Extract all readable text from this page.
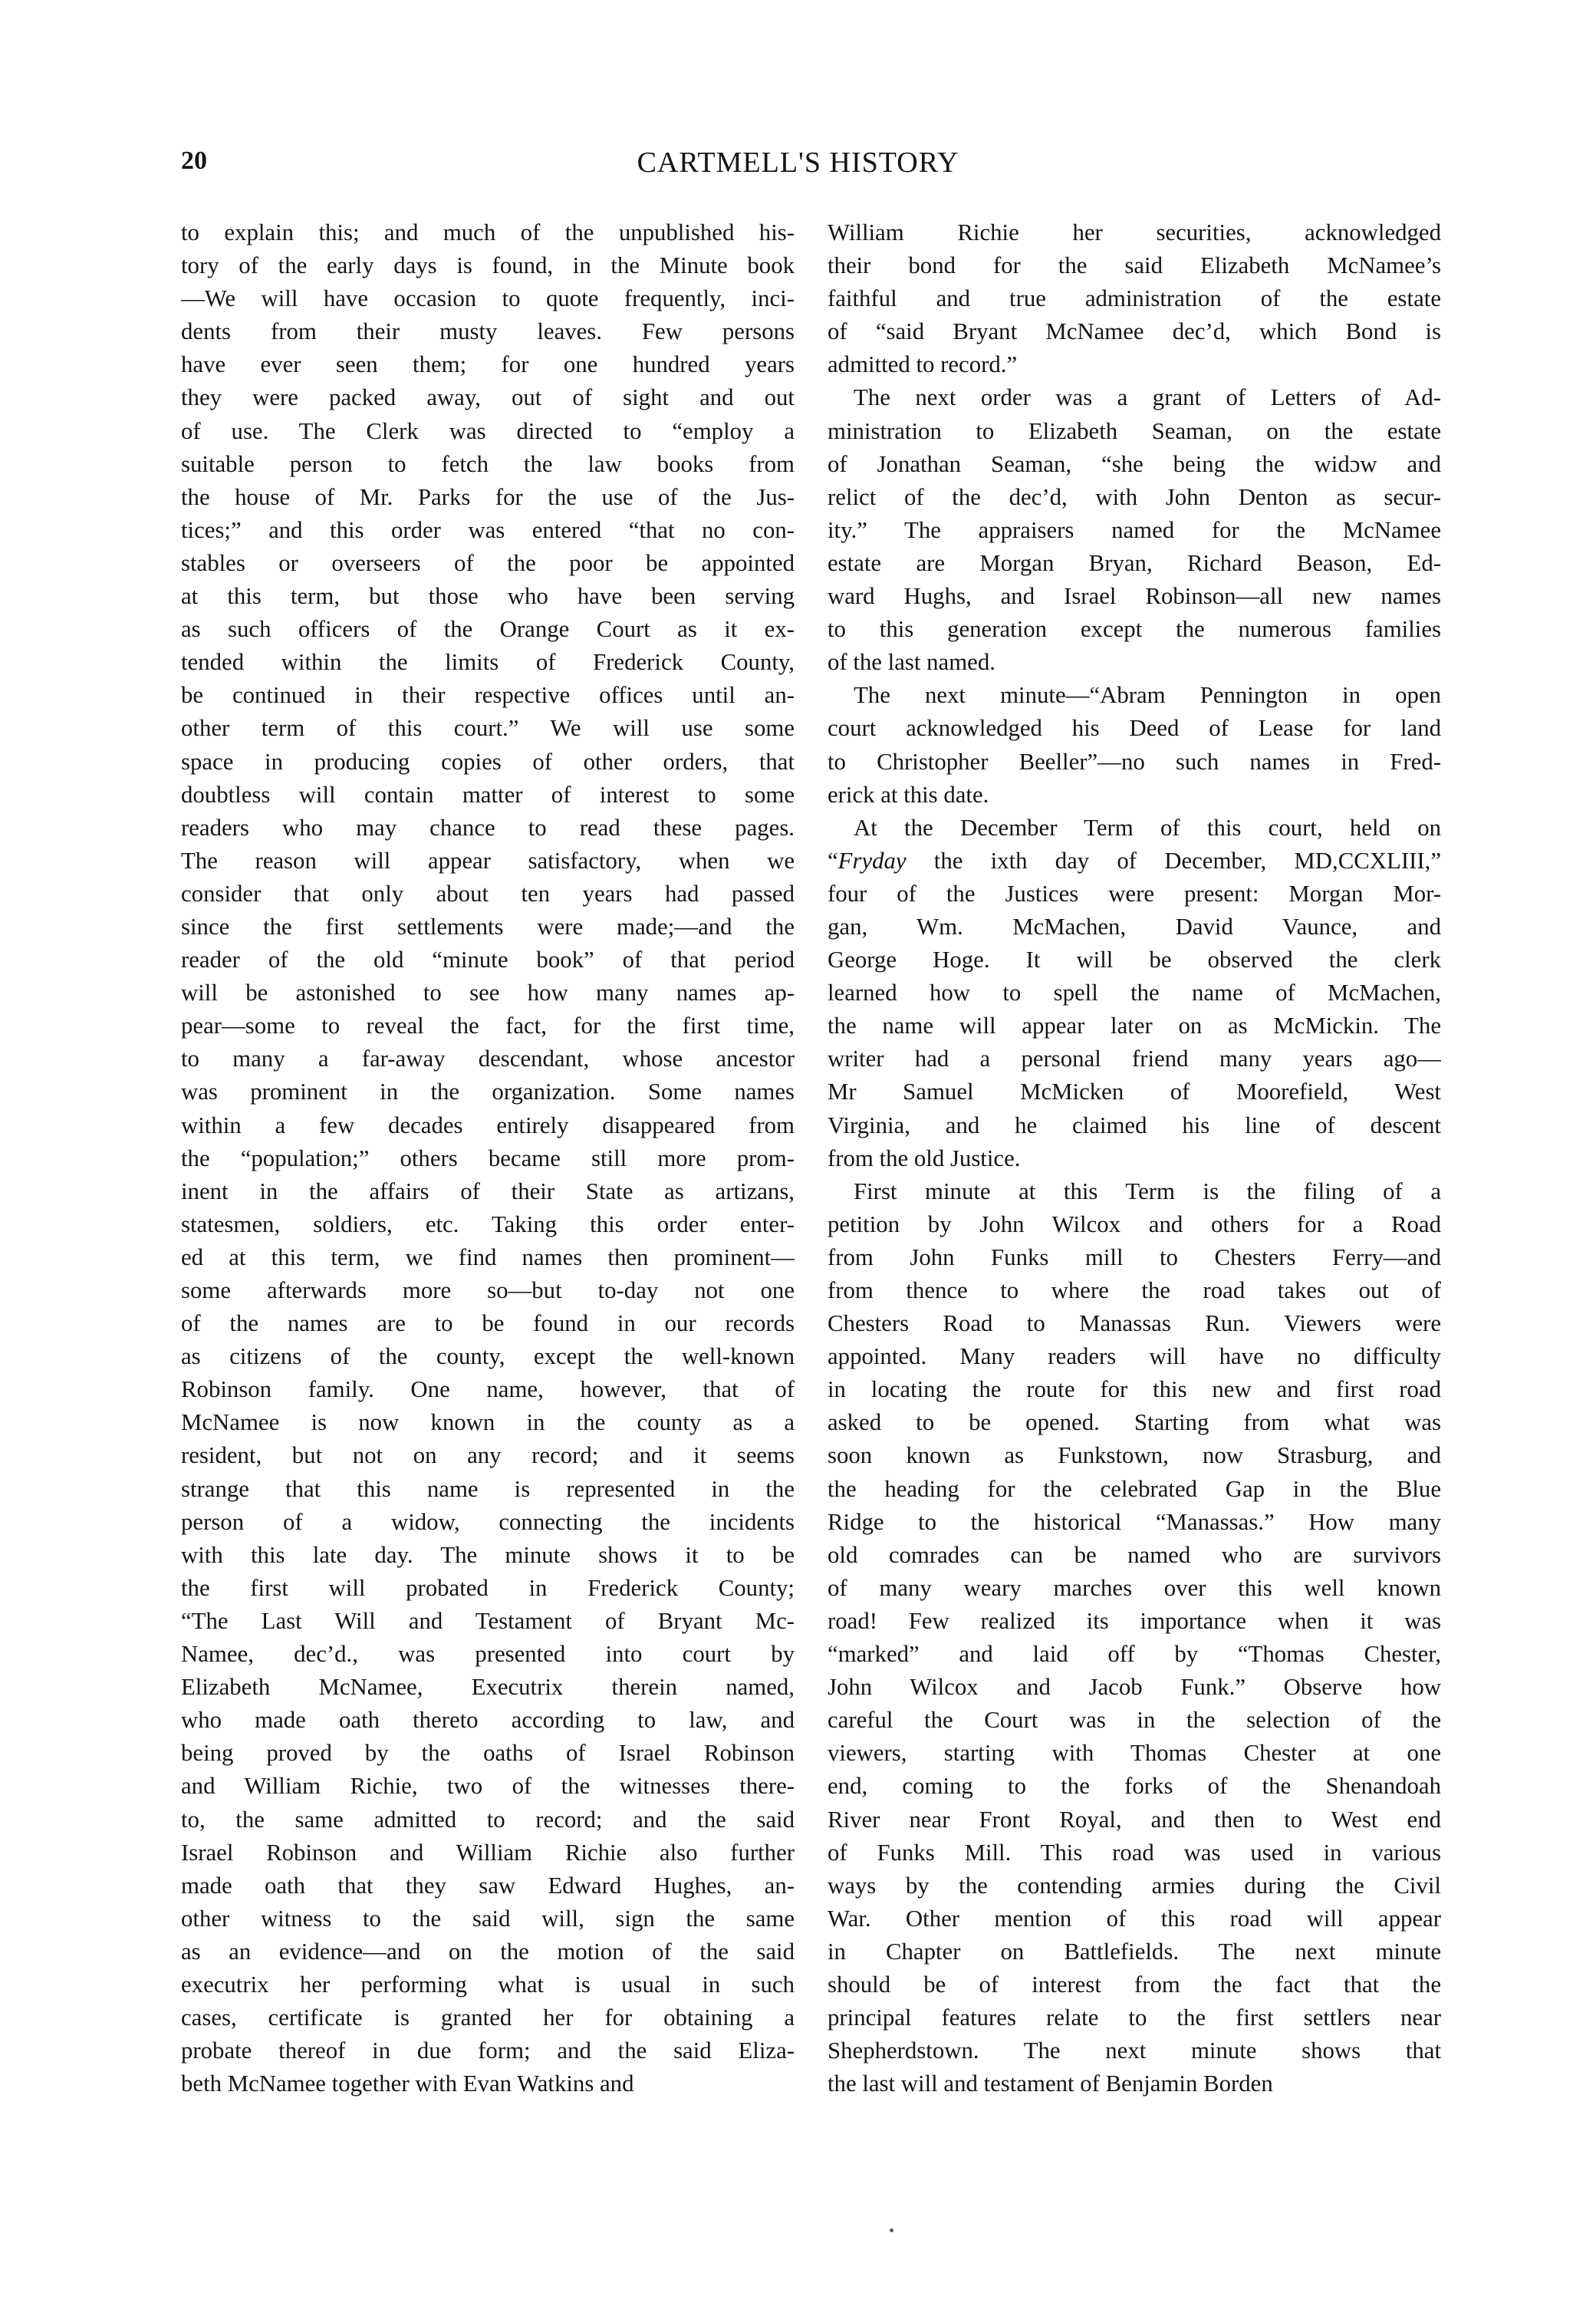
20	CARTMELL'S HISTORY
to explain this; and much of the unpublished his-
tory of the early days is found, in the Minute book
—We will have occasion to quote frequently, inci-
dents from their musty leaves. Few persons
have ever seen them; for one hundred years
they were packed away, out of sight and out
of use. The Clerk was directed to “employ a
suitable person to fetch the law books from
the house of Mr. Parks for the use of the Jus-
tices;” and this order was entered “that no con-
stables or overseers of the poor be appointed
at this term, but those who have been serving
as such officers of the Orange Court as it ex-
tended within the limits of Frederick County,
be continued in their respective offices until an-
other term of this court.” We will use some
space in producing copies of other orders, that
doubtless will contain matter of interest to some
readers who may chance to read these pages.
The reason will appear satisfactory, when we
consider that only about ten years had passed
since the first settlements were made;—and the
reader of the old “minute book” of that period
will be astonished to see how many names ap-
pear—some to reveal the fact, for the first time,
to many a far-away descendant, whose ancestor
was prominent in the organization. Some names
within a few decades entirely disappeared from
the “population;” others became still more prom-
inent in the affairs of their State as artizans,
statesmen, soldiers, etc. Taking this order enter-
ed at this term, we find names then prominent—
some afterwards more so—but to-day not one
of the names are to be found in our records
as citizens of the county, except the well-known
Robinson family. One name, however, that of
McNamee is now known in the county as a
resident, but not on any record; and it seems
strange that this name is represented in the
person of a widow, connecting the incidents
with this late day. The minute shows it to be
the first will probated in Frederick County;
“The Last Will and Testament of Bryant Mc-
Namee, dec’d., was presented into court by
Elizabeth McNamee, Executrix therein named,
who made oath thereto according to law, and
being proved by the oaths of Israel Robinson
and William Richie, two of the witnesses there-
to, the same admitted to record; and the said
Israel Robinson and William Richie also further
made oath that they saw Edward Hughes, an-
other witness to the said will, sign the same
as an evidence—and on the motion of the said
executrix her performing what is usual in such
cases, certificate is granted her for obtaining a
probate thereof in due form; and the said Eliza-
beth McNamee together with Evan Watkins and
William Richie her securities, acknowledged
their bond for the said Elizabeth McNamee’s
faithful and true administration of the estate
of “said Bryant McNamee dec’d, which Bond is
admitted to record.”
The next order was a grant of Letters of Ad-
ministration to Elizabeth Seaman, on the estate
of Jonathan Seaman, “she being the widɔw and
relict of the dec’d, with John Denton as secur-
ity.” The appraisers named for the McNamee
estate are Morgan Bryan, Richard Beason, Ed-
ward Hughs, and Israel Robinson—all new names
to this generation except the numerous families
of the last named.
The next minute—“Abram Pennington in open
court acknowledged his Deed of Lease for land
to Christopher Beeller”—no such names in Fred-
erick at this date.
At the December Term of this court, held on
“Fryday the ixth day of December, MD,CCXLIII,”
four of the Justices were present: Morgan Mor-
gan, Wm. McMachen, David Vaunce, and
George Hoge. It will be observed the clerk
learned how to spell the name of McMachen,
the name will appear later on as McMickin. The
writer had a personal friend many years ago—
Mr Samuel McMicken of Moorefield, West
Virginia, and he claimed his line of descent
from the old Justice.
First minute at this Term is the filing of a
petition by John Wilcox and others for a Road
from John Funks mill to Chesters Ferry—and
from thence to where the road takes out of
Chesters Road to Manassas Run. Viewers were
appointed. Many readers will have no difficulty
in locating the route for this new and first road
asked to be opened. Starting from what was
soon known as Funkstown, now Strasburg, and
the heading for the celebrated Gap in the Blue
Ridge to the historical “Manassas.” How many
old comrades can be named who are survivors
of many weary marches over this well known
road! Few realized its importance when it was
“marked” and laid off by “Thomas Chester,
John Wilcox and Jacob Funk.” Observe how
careful the Court was in the selection of the
viewers, starting with Thomas Chester at one
end, coming to the forks of the Shenandoah
River near Front Royal, and then to West end
of Funks Mill. This road was used in various
ways by the contending armies during the Civil
War. Other mention of this road will appear
in Chapter on Battlefields. The next minute
should be of interest from the fact that the
principal features relate to the first settlers near
Shepherdstown. The next minute shows that
the last will and testament of Benjamin Borden
